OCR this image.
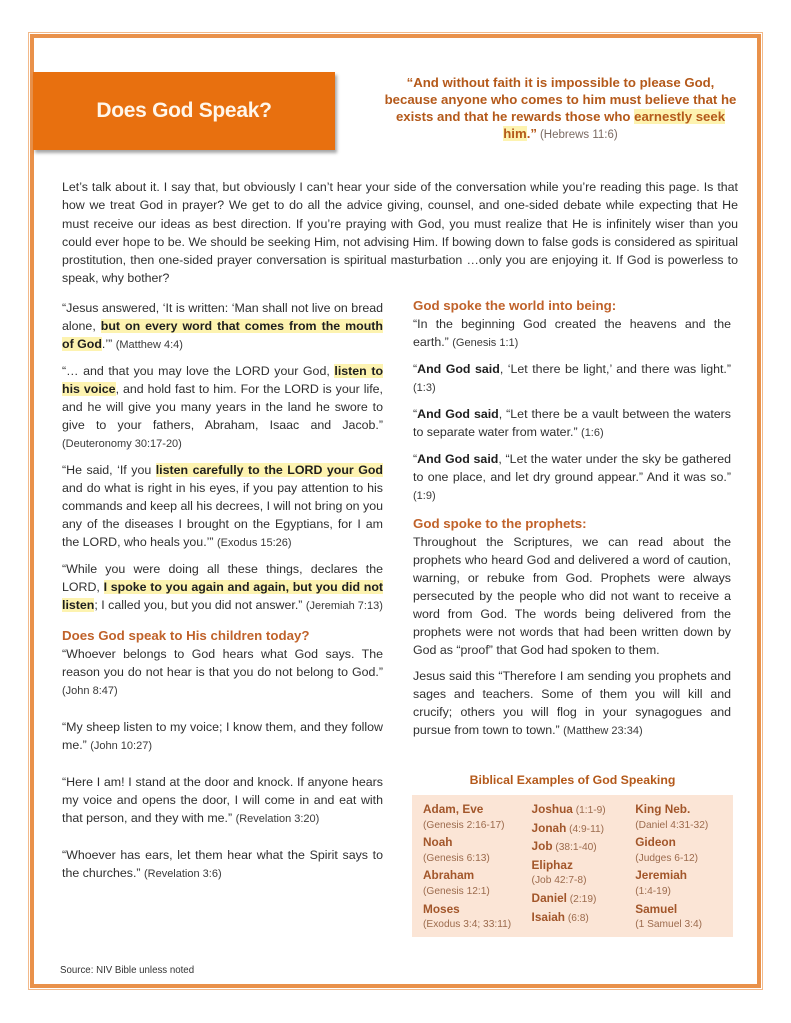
Does God Speak?
“And without faith it is impossible to please God, because anyone who comes to him must believe that he exists and that he rewards those who earnestly seek him.” (Hebrews 11:6)
Let’s talk about it. I say that, but obviously I can’t hear your side of the conversation while you’re reading this page. Is that how we treat God in prayer? We get to do all the advice giving, counsel, and one-sided debate while expecting that He must receive our ideas as best direction. If you’re praying with God, you must realize that He is infinitely wiser than you could ever hope to be. We should be seeking Him, not advising Him. If bowing down to false gods is considered as spiritual prostitution, then one-sided prayer conversation is spiritual masturbation …only you are enjoying it. If God is powerless to speak, why bother?

“Jesus answered, ‘It is written: ‘Man shall not live on bread alone, but on every word that comes from the mouth of God.’” (Matthew 4:4)

“… and that you may love the LORD your God, listen to his voice, and hold fast to him. For the LORD is your life, and he will give you many years in the land he swore to give to your fathers, Abraham, Isaac and Jacob.” (Deuteronomy 30:17-20)

“He said, ‘If you listen carefully to the LORD your God and do what is right in his eyes, if you pay attention to his commands and keep all his decrees, I will not bring on you any of the diseases I brought on the Egyptians, for I am the LORD, who heals you.’” (Exodus 15:26)

“While you were doing all these things, declares the LORD, I spoke to you again and again, but you did not listen; I called you, but you did not answer.” (Jeremiah 7:13)

Does God speak to His children today?

“Whoever belongs to God hears what God says. The reason you do not hear is that you do not belong to God.” (John 8:47)

“My sheep listen to my voice; I know them, and they follow me.” (John 10:27)

“Here I am! I stand at the door and knock. If anyone hears my voice and opens the door, I will come in and eat with that person, and they with me.” (Revelation 3:20)

“Whoever has ears, let them hear what the Spirit says to the churches.” (Revelation 3:6)

God spoke the world into being:

“In the beginning God created the heavens and the earth.” (Genesis 1:1)

“And God said, ‘Let there be light,’ and there was light.” (1:3)

“And God said, “Let there be a vault between the waters to separate water from water.” (1:6)

“And God said, “Let the water under the sky be gathered to one place, and let dry ground appear.” And it was so.” (1:9)

God spoke to the prophets:

Throughout the Scriptures, we can read about the prophets who heard God and delivered a word of caution, warning, or rebuke from God. Prophets were always persecuted by the people who did not want to receive a word from God. The words being delivered from the prophets were not words that had been written down by God as “proof” that God had spoken to them.

Jesus said this “Therefore I am sending you prophets and sages and teachers. Some of them you will kill and crucify; others you will flog in your synagogues and pursue from town to town.” (Matthew 23:34)

Biblical Examples of God Speaking
Adam, Eve
(Genesis 2:16-17)
Noah
(Genesis 6:13)
Abraham
(Genesis 12:1)
Moses
(Exodus 3:4; 33:11)
Joshua (1:1-9)
Jonah (4:9-11)
Job (38:1-40)
Eliphaz
(Job 42:7-8)
Daniel (2:19)
Isaiah (6:8)
King Neb.
(Daniel 4:31-32)
Gideon
(Judges 6-12)
Jeremiah
(1:4-19)
Samuel
(1 Samuel 3:4)
Source: NIV Bible unless noted
